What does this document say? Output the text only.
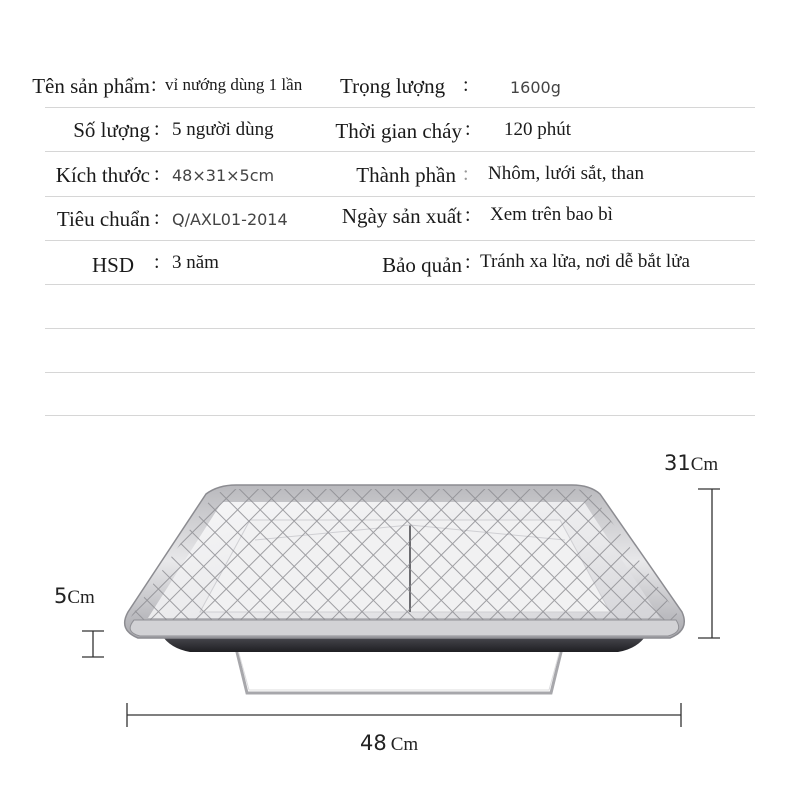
Tên sản phẩm : vỉ nướng dùng 1 lần Trọng lượng :	1600g
Số lượng : 5 người dùng	Thời gian cháy : 120 phút
Kích thước : 48×31×5cm	Thành phần : Nhôm, lưới sắt, than
Tiêu chuẩn : Q/AXL01-2014	Ngày sản xuất : Xem trên bao bì
HSD : 3 năm	Bảo quản : Tránh xa lửa, nơi dễ bắt lửa
31Cm
5Cm
48 Cm
